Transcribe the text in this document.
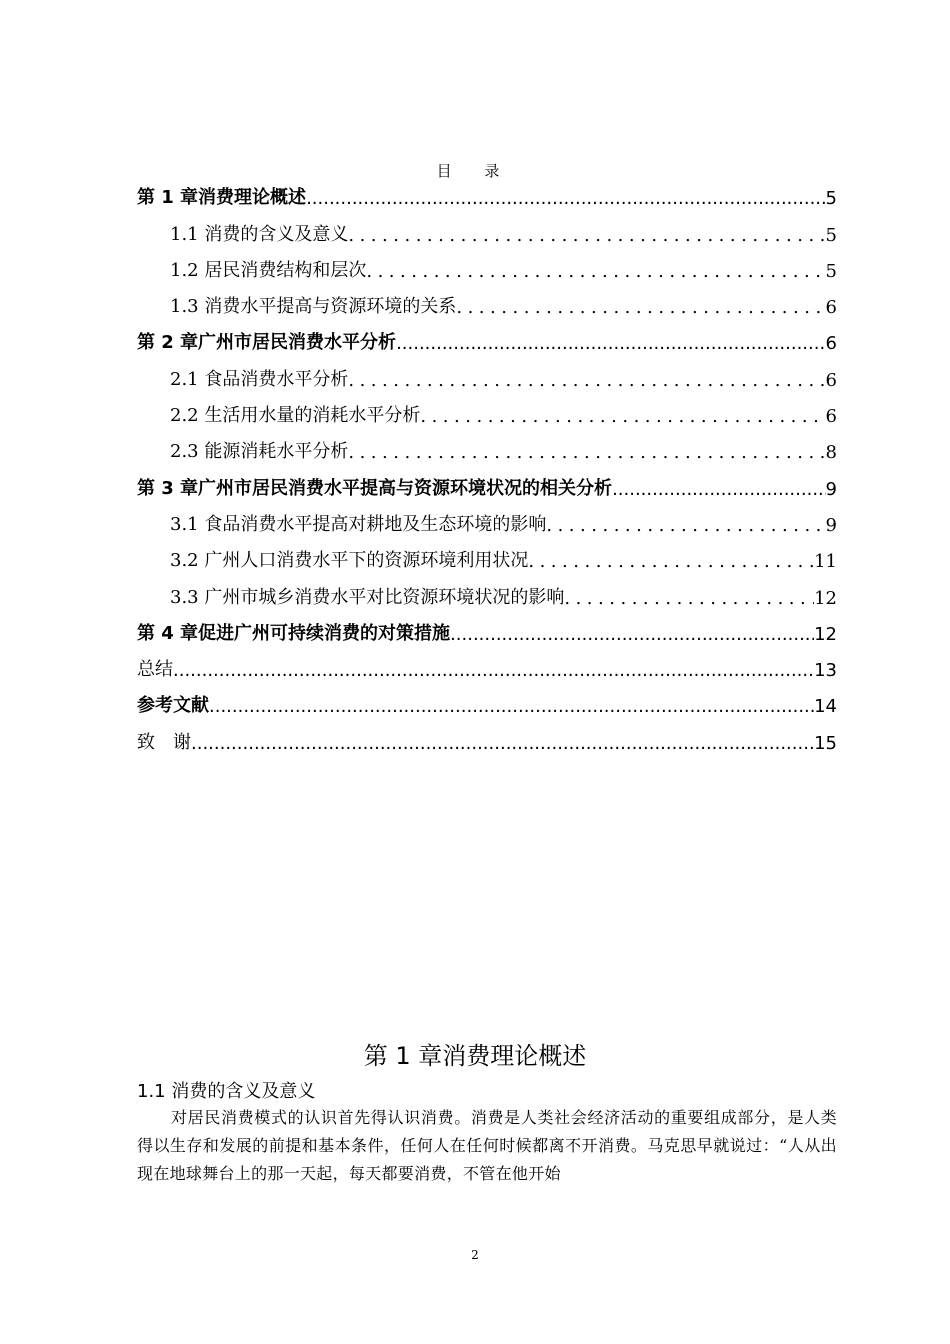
目 录
第 1 章消费理论概述 .....	5
1.1 消费的含义及意义 .....	5
1.2 居民消费结构和层次 .....	5
1.3 消费水平提高与资源环境的关系 .....	6
第 2 章广州市居民消费水平分析 .....	6
2.1 食品消费水平分析 .....	6
2.2 生活用水量的消耗水平分析 .....	6
2.3 能源消耗水平分析 .....	8
第 3 章广州市居民消费水平提高与资源环境状况的相关分析 .....	9
3.1 食品消费水平提高对耕地及生态环境的影响 .....	9
3.2 广州人口消费水平下的资源环境利用状况 .....	11
3.3 广州市城乡消费水平对比资源环境状况的影响 .....	12
第 4 章促进广州可持续消费的对策措施 .....	12
总结 .....	13
参考文献 .....	14
致　谢 .....	15
第 1 章消费理论概述
1.1 消费的含义及意义
对居民消费模式的认识首先得认识消费。消费是人类社会经济活动的重要组成部分，是人类得以生存和发展的前提和基本条件，任何人在任何时候都离不开消费。马克思早就说过：“人从出现在地球舞台上的那一天起，每天都要消费，不管在他开始
2
